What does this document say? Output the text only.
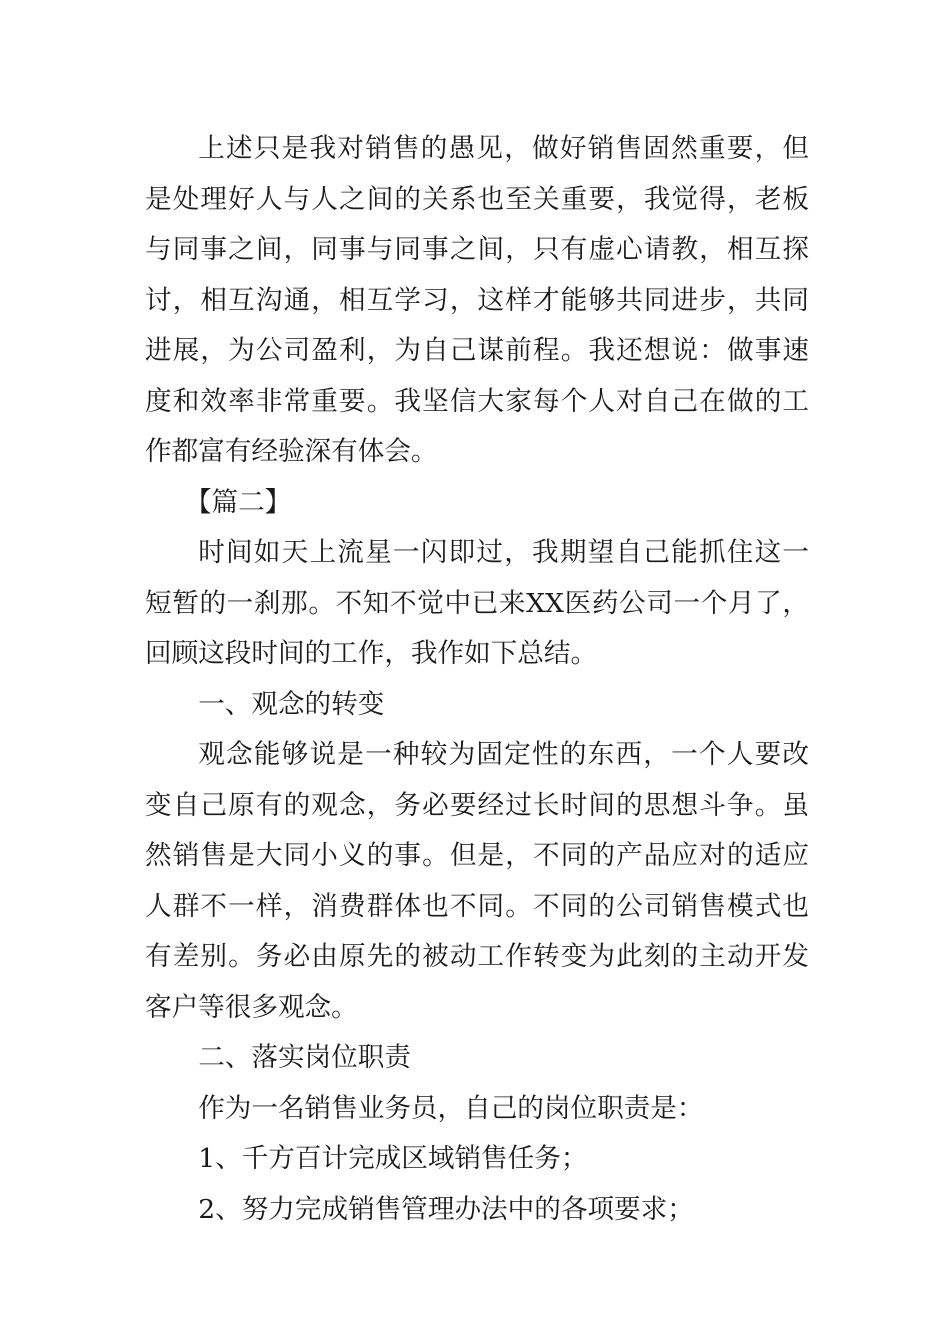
上述只是我对销售的愚见，做好销售固然重要，但是处理好人与人之间的关系也至关重要，我觉得，老板与同事之间，同事与同事之间，只有虚心请教，相互探讨，相互沟通，相互学习，这样才能够共同进步，共同进展，为公司盈利，为自己谋前程。我还想说：做事速度和效率非常重要。我坚信大家每个人对自己在做的工作都富有经验深有体会。

【篇二】

时间如天上流星一闪即过，我期望自己能抓住这一短暂的一刹那。不知不觉中已来XX医药公司一个月了，回顾这段时间的工作，我作如下总结。

一、观念的转变

观念能够说是一种较为固定性的东西，一个人要改变自己原有的观念，务必要经过长时间的思想斗争。虽然销售是大同小义的事。但是，不同的产品应对的适应人群不一样，消费群体也不同。不同的公司销售模式也有差别。务必由原先的被动工作转变为此刻的主动开发客户等很多观念。

二、落实岗位职责

作为一名销售业务员，自己的岗位职责是：

1、千方百计完成区域销售任务；

2、努力完成销售管理办法中的各项要求；
